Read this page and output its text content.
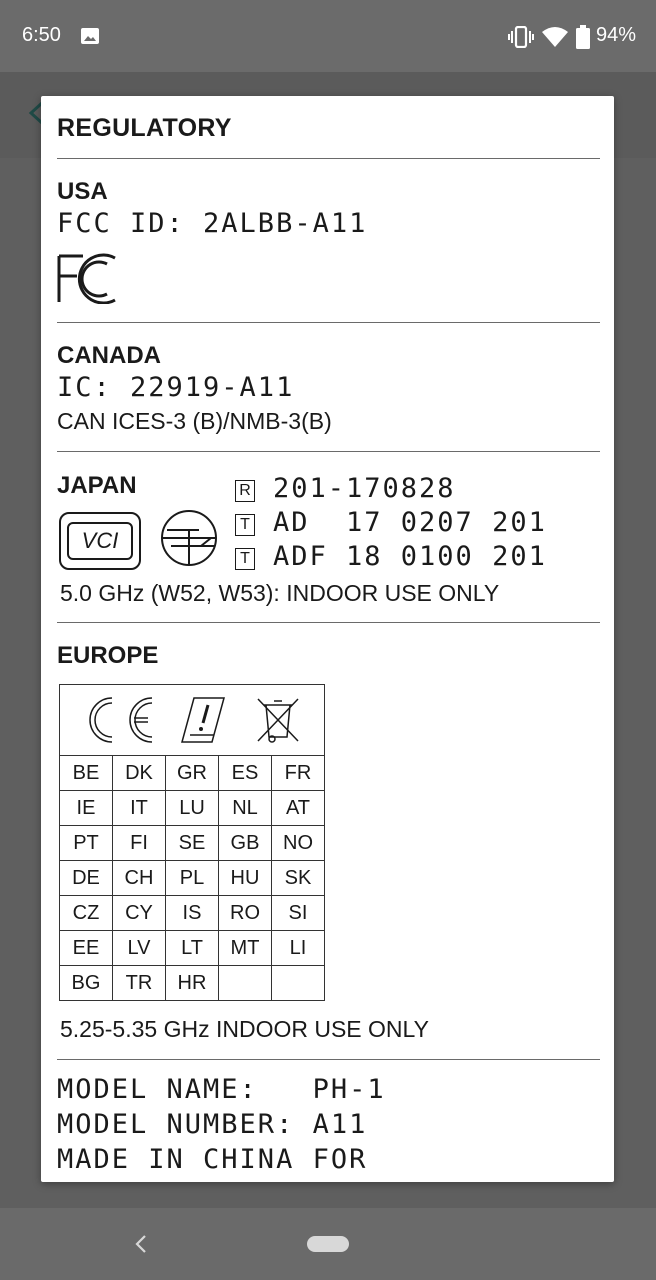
6:50	94%
REGULATORY
USA
FCC ID: 2ALBB-A11
CANADA
IC: 22919-A11
CAN ICES-3 (B)/NMB-3(B)
JAPAN
VCI
R 201-170828
T AD  17 0207 201
T ADF 18 0100 201
5.0 GHz (W52, W53): INDOOR USE ONLY
EUROPE

BE	DK	GR	ES	FR
IE	IT	LU	NL	AT
PT	FI	SE	GB	NO
DE	CH	PL	HU	SK
CZ	CY	IS	RO	SI
EE	LV	LT	MT	LI
BG	TR	HR		
5.25-5.35 GHz INDOOR USE ONLY
MODEL NAME:   PH-1
MODEL NUMBER: A11
MADE IN CHINA FOR
